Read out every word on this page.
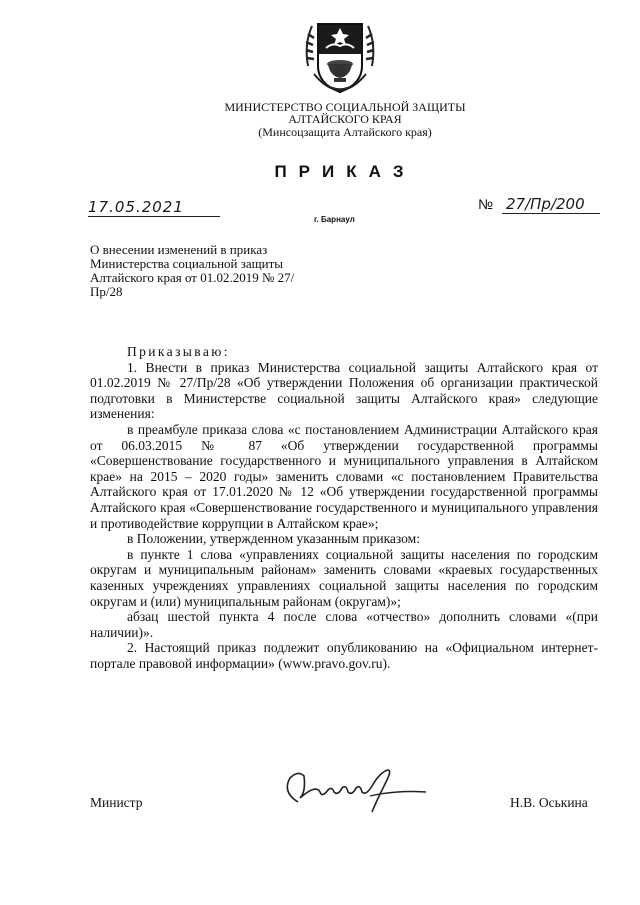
МИНИСТЕРСТВО СОЦИАЛЬНОЙ ЗАЩИТЫ
АЛТАЙСКОГО КРАЯ
(Минсоцзащита Алтайского края)
ПРИКАЗ
17.05.2021	№ 27/Пр/200
г. Барнаул
О внесении изменений в приказ Министерства социальной защиты Алтайского края от 01.02.2019 № 27/Пр/28

Приказываю:

1. Внести в приказ Министерства социальной защиты Алтайского края от 01.02.2019 № 27/Пр/28 «Об утверждении Положения об организации практической подготовки в Министерстве социальной защиты Алтайского края» следующие изменения:

в преамбуле приказа слова «с постановлением Администрации Алтайского края от 06.03.2015 № 87 «Об утверждении государственной программы «Совершенствование государственного и муниципального управления в Алтайском крае» на 2015 – 2020 годы» заменить словами «с постановлением Правительства Алтайского края от 17.01.2020 № 12 «Об утверждении государственной программы Алтайского края «Совершенствование государственного и муниципального управления и противодействие коррупции в Алтайском крае»;

в Положении, утвержденном указанным приказом:

в пункте 1 слова «управлениях социальной защиты населения по городским округам и муниципальным районам» заменить словами «краевых государственных казенных учреждениях управлениях социальной защиты населения по городским округам и (или) муниципальным районам (округам)»;

абзац шестой пункта 4 после слова «отчество» дополнить словами «(при наличии)».

2. Настоящий приказ подлежит опубликованию на «Официальном интернет-портале правовой информации» (www.pravo.gov.ru).

Министр	Н.В. Оськина
